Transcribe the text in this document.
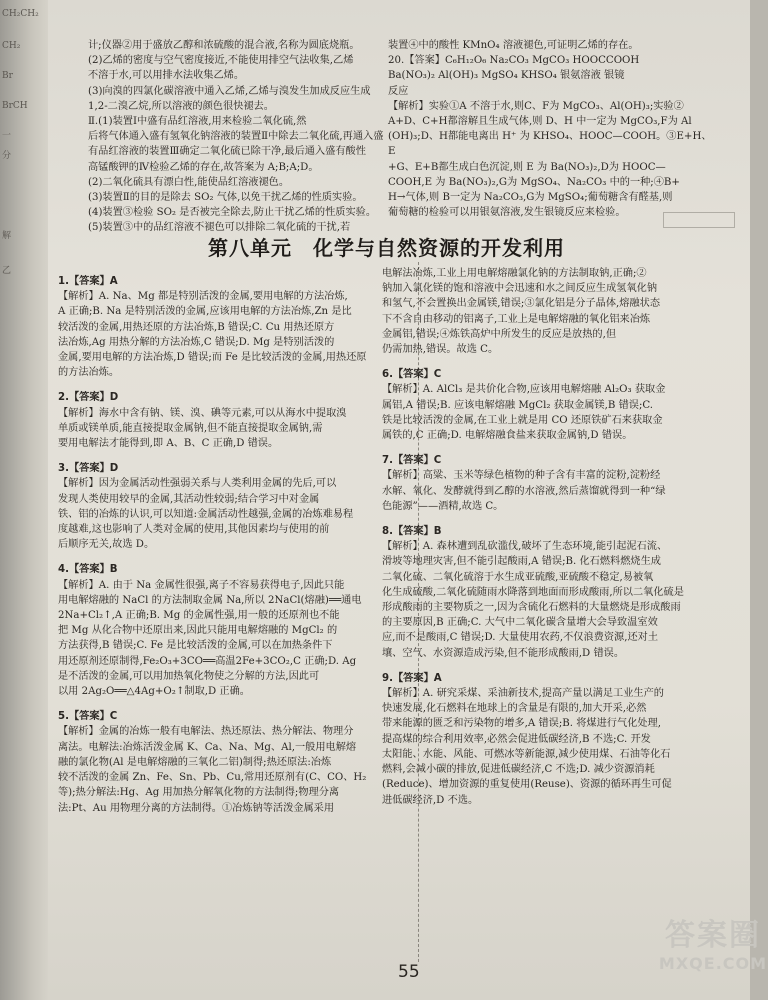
CH₂CH₂
CH₂
Br
BrCH
一
分
解
乙

计;仪器②用于盛放乙醇和浓硫酸的混合液,名称为圆底烧瓶。

(2)乙烯的密度与空气密度接近,不能使用排空气法收集,乙烯

不溶于水,可以用排水法收集乙烯。

(3)向溴的四氯化碳溶液中通入乙烯,乙烯与溴发生加成反应生成

1,2-二溴乙烷,所以溶液的颜色很快褪去。

Ⅱ.(1)装置I中盛有品红溶液,用来检验二氧化硫,然

后将气体通入盛有氢氧化钠溶液的装置Ⅱ中除去二氧化硫,再通入盛

有品红溶液的装置Ⅲ确定二氧化硫已除干净,最后通入盛有酸性

高锰酸钾的Ⅳ检验乙烯的存在,故答案为 A;B;A;D。

(2)二氧化硫具有漂白性,能使品红溶液褪色。

(3)装置Ⅱ的目的是除去 SO₂ 气体,以免干扰乙烯的性质实验。

(4)装置③检验 SO₂ 是否被完全除去,防止干扰乙烯的性质实验。

(5)装置③中的品红溶液不褪色可以排除二氧化硫的干扰,若

装置④中的酸性 KMnO₄ 溶液褪色,可证明乙烯的存在。

20.【答案】C₆H₁₂O₆ Na₂CO₃ MgCO₃ HOOCCOOH

Ba(NO₃)₂ Al(OH)₃ MgSO₄ KHSO₄ 银氨溶液 银镜

反应

【解析】实验①A 不溶于水,则C、F为 MgCO₃、Al(OH)₃;实验②

A+D、C+H都溶解且生成气体,则 D、H 中一定为 MgCO₃,F为 Al

(OH)₃;D、H都能电离出 H⁺ 为 KHSO₄、HOOC—COOH。③E+H、E

+G、E+B都生成白色沉淀,则 E 为 Ba(NO₃)₂,D为 HOOC—

COOH,E 为 Ba(NO₃)₂,G为 MgSO₄、Na₂CO₃ 中的一种;④B+

H→气体,则 B一定为 Na₂CO₃,G为 MgSO₄;葡萄糖含有醛基,则

葡萄糖的检验可以用银氨溶液,发生银镜反应来检验。

第八单元　化学与自然资源的开发利用

1.【答案】A

【解析】A. Na、Mg 都是特别活泼的金属,要用电解的方法冶炼,

A 正确;B. Na 是特别活泼的金属,应该用电解的方法冶炼,Zn 是比

较活泼的金属,用热还原的方法冶炼,B 错误;C. Cu 用热还原方

法冶炼,Ag 用热分解的方法冶炼,C 错误;D. Mg 是特别活泼的

金属,要用电解的方法冶炼,D 错误;而 Fe 是比较活泼的金属,用热还原

的方法冶炼。

2.【答案】D

【解析】海水中含有钠、镁、溴、碘等元素,可以从海水中提取溴

单质或镁单质,能直接提取金属钠,但不能直接提取金属钠,需

要用电解法才能得到,即 A、B、C 正确,D 错误。

3.【答案】D

【解析】因为金属活动性强弱关系与人类利用金属的先后,可以

发现人类使用较早的金属,其活动性较弱;结合学习中对金属

铁、铝的冶炼的认识,可以知道:金属活动性越强,金属的冶炼难易程

度越难,这也影响了人类对金属的使用,其他因素均与使用的前

后顺序无关,故选 D。

4.【答案】B

【解析】A. 由于 Na 金属性很强,离子不容易获得电子,因此只能

用电解熔融的 NaCl 的方法制取金属 Na,所以 2NaCl(熔融)══通电

2Na+Cl₂↑,A 正确;B. Mg 的金属性强,用一般的还原剂也不能

把 Mg 从化合物中还原出来,因此只能用电解熔融的 MgCl₂ 的

方法获得,B 错误;C. Fe 是比较活泼的金属,可以在加热条件下

用还原剂还原制得,Fe₂O₃+3CO══高温2Fe+3CO₂,C 正确;D. Ag

是不活泼的金属,可以用加热氧化物使之分解的方法,因此可

以用 2Ag₂O══△4Ag+O₂↑制取,D 正确。

5.【答案】C

【解析】金属的冶炼一般有电解法、热还原法、热分解法、物理分

离法。电解法:冶炼活泼金属 K、Ca、Na、Mg、Al,一般用电解熔

融的氯化物(Al 是电解熔融的三氧化二铝)制得;热还原法:冶炼

较不活泼的金属 Zn、Fe、Sn、Pb、Cu,常用还原剂有(C、CO、H₂

等);热分解法:Hg、Ag 用加热分解氧化物的方法制得;物理分离

法:Pt、Au 用物理分离的方法制得。①冶炼钠等活泼金属采用

电解法冶炼,工业上用电解熔融氯化钠的方法制取钠,正确;②

钠加入氯化镁的饱和溶液中会迅速和水之间反应生成氢氧化钠

和氢气,不会置换出金属镁,错误;③氯化铝是分子晶体,熔融状态

下不含自由移动的铝离子,工业上是电解熔融的氧化铝来冶炼

金属铝,错误;④炼铁高炉中所发生的反应是放热的,但

仍需加热,错误。故选 C。

6.【答案】C

【解析】A. AlCl₃ 是共价化合物,应该用电解熔融 Al₂O₃ 获取金

属铝,A 错误;B. 应该电解熔融 MgCl₂ 获取金属镁,B 错误;C.

铁是比较活泼的金属,在工业上就是用 CO 还原铁矿石来获取金

属铁的,C 正确;D. 电解熔融食盐来获取金属钠,D 错误。

7.【答案】C

【解析】高粱、玉米等绿色植物的种子含有丰富的淀粉,淀粉经

水解、氧化、发酵就得到乙醇的水溶液,然后蒸馏就得到一种“绿

色能源”——酒精,故选 C。

8.【答案】B

【解析】A. 森林遭到乱砍滥伐,破坏了生态环境,能引起泥石流、

滑坡等地理灾害,但不能引起酸雨,A 错误;B. 化石燃料燃烧生成

二氧化硫、二氧化硫溶于水生成亚硫酸,亚硫酸不稳定,易被氧

化生成硫酸,二氧化硫随雨水降落到地面而形成酸雨,所以二氧化硫是

形成酸雨的主要物质之一,因为含硫化石燃料的大量燃烧是形成酸雨

的主要原因,B 正确;C. 大气中二氧化碳含量增大会导致温室效

应,而不是酸雨,C 错误;D. 大量使用农药,不仅浪费资源,还对土

壤、空气、水资源造成污染,但不能形成酸雨,D 错误。

9.【答案】A

【解析】A. 研究采煤、采油新技术,提高产量以满足工业生产的

快速发展,化石燃料在地球上的含量是有限的,加大开采,必然

带来能源的匮乏和污染物的增多,A 错误;B. 将煤进行气化处理,

提高煤的综合利用效率,必然会促进低碳经济,B 不选;C. 开发

太阳能、水能、风能、可燃冰等新能源,减少使用煤、石油等化石

燃料,会减小碳的排放,促进低碳经济,C 不选;D. 减少资源消耗

(Reduce)、增加资源的重复使用(Reuse)、资源的循环再生可促

进低碳经济,D 不选。

55
答案圈
MXQE.COM
